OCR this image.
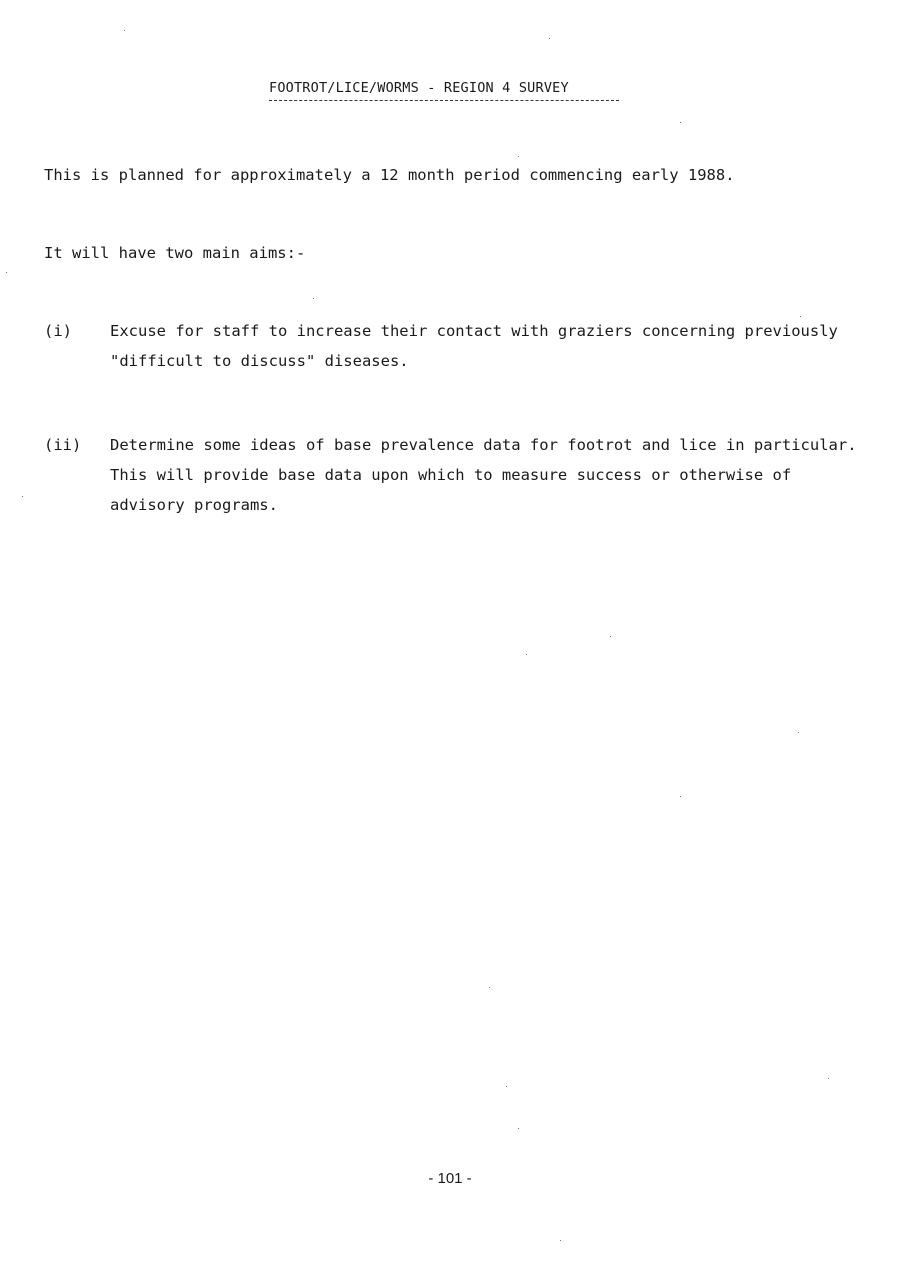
FOOTROT/LICE/WORMS - REGION 4 SURVEY
This is planned for approximately a 12 month period commencing early 1988.
It will have two main aims:-
(i) Excuse for staff to increase their contact with graziers concerning previously
"difficult to discuss" diseases.
(ii) Determine some ideas of base prevalence data for footrot and lice in particular.
This will provide base data upon which to measure success or otherwise of
advisory programs.
- 101 -
